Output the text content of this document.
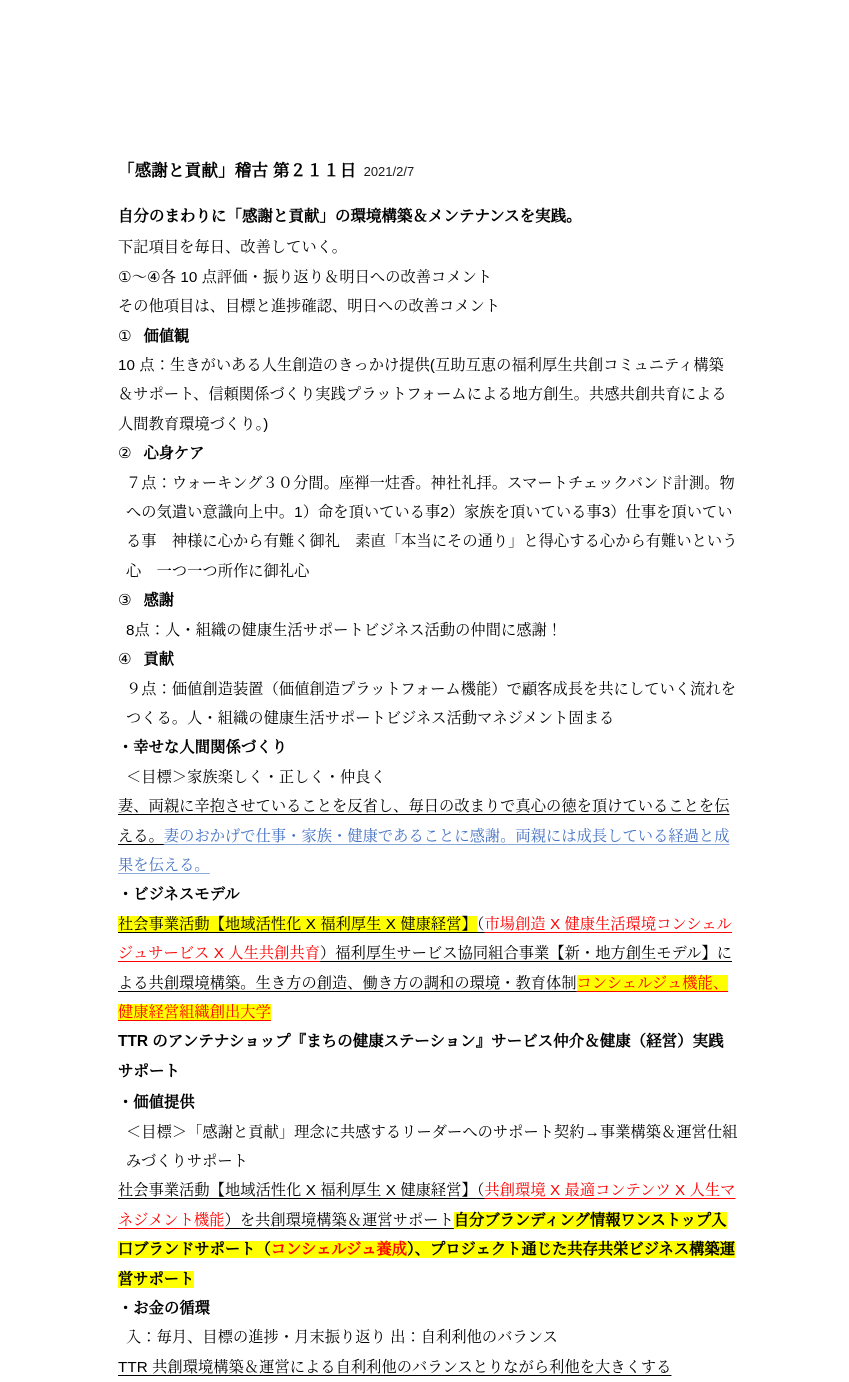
「感謝と貢献」稽古 第２１１日 2021/2/7
自分のまわりに「感謝と貢献」の環境構築＆メンテナンスを実践。
下記項目を毎日、改善していく。
①〜④各 10 点評価・振り返り＆明日への改善コメント
その他項目は、目標と進捗確認、明日への改善コメント
① 価値観
10 点：生きがいある人生創造のきっかけ提供(互助互恵の福利厚生共創コミュニティ構築＆サポート、信頼関係づくり実践プラットフォームによる地方創生。共感共創共育による人間教育環境づくり。)
② 心身ケア
７点：ウォーキング３０分間。座禅一炷香。神社礼拝。スマートチェックバンド計測。物への気遣い意識向上中。1）命を頂いている事2）家族を頂いている事3）仕事を頂いている事　神様に心から有難く御礼　素直「本当にその通り」と得心する心から有難いという心　一つ一つ所作に御礼心
③ 感謝
8点：人・組織の健康生活サポートビジネス活動の仲間に感謝！
④ 貢献
９点：価値創造装置（価値創造プラットフォーム機能）で顧客成長を共にしていく流れをつくる。人・組織の健康生活サポートビジネス活動マネジメント固まる
・幸せな人間関係づくり
＜目標＞家族楽しく・正しく・仲良く
妻、両親に辛抱させていることを反省し、毎日の改まりで真心の徳を頂けていることを伝える。妻のおかげで仕事・家族・健康であることに感謝。両親には成長している経過と成果を伝える。
・ビジネスモデル
社会事業活動【地域活性化 X 福利厚生 X 健康経営】（市場創造 X 健康生活環境コンシェルジュサービス X 人生共創共育）福利厚生サービス協同組合事業【新・地方創生モデル】による共創環境構築。生き方の創造、働き方の調和の環境・教育体制コンシェルジュ機能、健康経営組織創出大学
TTR のアンテナショップ『まちの健康ステーション』サービス仲介＆健康（経営）実践サポート
・価値提供
＜目標＞「感謝と貢献」理念に共感するリーダーへのサポート契約→事業構築＆運営仕組みづくりサポート
社会事業活動【地域活性化 X 福利厚生 X 健康経営】（共創環境 X 最適コンテンツ X 人生マネジメント機能）を共創環境構築＆運営サポート自分ブランディング情報ワンストップ入口ブランドサポート（コンシェルジュ養成）、プロジェクト通じた共存共栄ビジネス構築運営サポート
・お金の循環
入：毎月、目標の進捗・月末振り返り 出：自利利他のバランス
TTR 共創環境構築＆運営による自利利他のバランスとりながら利他を大きくする
